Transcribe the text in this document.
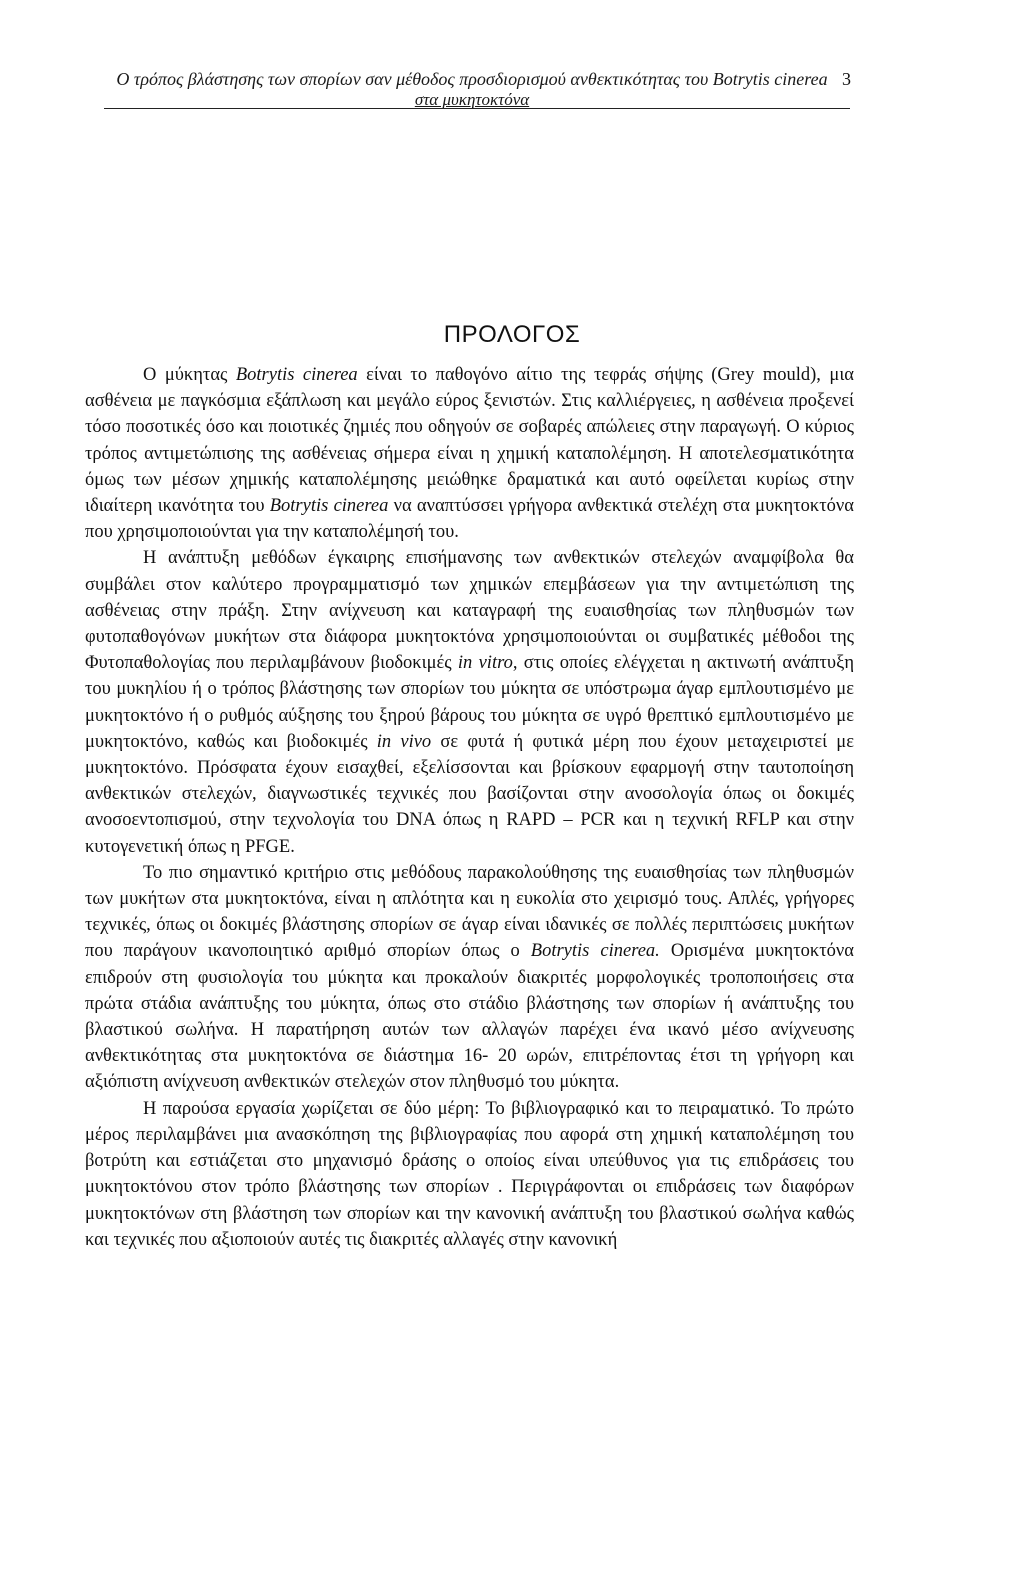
Ο τρόπος βλάστησης των σπορίων σαν μέθοδος προσδιορισμού ανθεκτικότητας του Botrytis cinerea
στα μυκητοκτόνα
3
ΠΡΟΛΟΓΟΣ

Ο μύκητας Botrytis cinerea είναι το παθογόνο αίτιο της τεφράς σήψης (Grey mould), μια ασθένεια με παγκόσμια εξάπλωση και μεγάλο εύρος ξενιστών. Στις καλλιέργειες, η ασθένεια προξενεί τόσο ποσοτικές όσο και ποιοτικές ζημιές που οδηγούν σε σοβαρές απώλειες στην παραγωγή. Ο κύριος τρόπος αντιμετώπισης της ασθένειας σήμερα είναι η χημική καταπολέμηση. Η αποτελεσματικότητα όμως των μέσων χημικής καταπολέμησης μειώθηκε δραματικά και αυτό οφείλεται κυρίως στην ιδιαίτερη ικανότητα του Botrytis cinerea να αναπτύσσει γρήγορα ανθεκτικά στελέχη στα μυκητοκτόνα που χρησιμοποιούνται για την καταπολέμησή του.

Η ανάπτυξη μεθόδων έγκαιρης επισήμανσης των ανθεκτικών στελεχών αναμφίβολα θα συμβάλει στον καλύτερο προγραμματισμό των χημικών επεμβάσεων για την αντιμετώπιση της ασθένειας στην πράξη. Στην ανίχνευση και καταγραφή της ευαισθησίας των πληθυσμών των φυτοπαθογόνων μυκήτων στα διάφορα μυκητοκτόνα χρησιμοποιούνται οι συμβατικές μέθοδοι της Φυτοπαθολογίας που περιλαμβάνουν βιοδοκιμές in vitro, στις οποίες ελέγχεται η ακτινωτή ανάπτυξη του μυκηλίου ή ο τρόπος βλάστησης των σπορίων του μύκητα σε υπόστρωμα άγαρ εμπλουτισμένο με μυκητοκτόνο ή ο ρυθμός αύξησης του ξηρού βάρους του μύκητα σε υγρό θρεπτικό εμπλουτισμένο με μυκητοκτόνο, καθώς και βιοδοκιμές in vivo σε φυτά ή φυτικά μέρη που έχουν μεταχειριστεί με μυκητοκτόνο. Πρόσφατα έχουν εισαχθεί, εξελίσσονται και βρίσκουν εφαρμογή στην ταυτοποίηση ανθεκτικών στελεχών, διαγνωστικές τεχνικές που βασίζονται στην ανοσολογία όπως οι δοκιμές ανοσοεντοπισμού, στην τεχνολογία του DNA όπως η RAPD – PCR και η τεχνική RFLP και στην κυτογενετική όπως η PFGE.

Το πιο σημαντικό κριτήριο στις μεθόδους παρακολούθησης της ευαισθησίας των πληθυσμών των μυκήτων στα μυκητοκτόνα, είναι η απλότητα και η ευκολία στο χειρισμό τους. Απλές, γρήγορες τεχνικές, όπως οι δοκιμές βλάστησης σπορίων σε άγαρ είναι ιδανικές σε πολλές περιπτώσεις μυκήτων που παράγουν ικανοποιητικό αριθμό σπορίων όπως ο Botrytis cinerea. Ορισμένα μυκητοκτόνα επιδρούν στη φυσιολογία του μύκητα και προκαλούν διακριτές μορφολογικές τροποποιήσεις στα πρώτα στάδια ανάπτυξης του μύκητα, όπως στο στάδιο βλάστησης των σπορίων ή ανάπτυξης του βλαστικού σωλήνα. Η παρατήρηση αυτών των αλλαγών παρέχει ένα ικανό μέσο ανίχνευσης ανθεκτικότητας στα μυκητοκτόνα σε διάστημα 16- 20 ωρών, επιτρέποντας έτσι τη γρήγορη και αξιόπιστη ανίχνευση ανθεκτικών στελεχών στον πληθυσμό του μύκητα.

Η παρούσα εργασία χωρίζεται σε δύο μέρη: Το βιβλιογραφικό και το πειραματικό. Το πρώτο μέρος περιλαμβάνει μια ανασκόπηση της βιβλιογραφίας που αφορά στη χημική καταπολέμηση του βοτρύτη και εστιάζεται στο μηχανισμό δράσης ο οποίος είναι υπεύθυνος για τις επιδράσεις του μυκητοκτόνου στον τρόπο βλάστησης των σπορίων . Περιγράφονται οι επιδράσεις των διαφόρων μυκητοκτόνων στη βλάστηση των σπορίων και την κανονική ανάπτυξη του βλαστικού σωλήνα καθώς και τεχνικές που αξιοποιούν αυτές τις διακριτές αλλαγές στην κανονική
